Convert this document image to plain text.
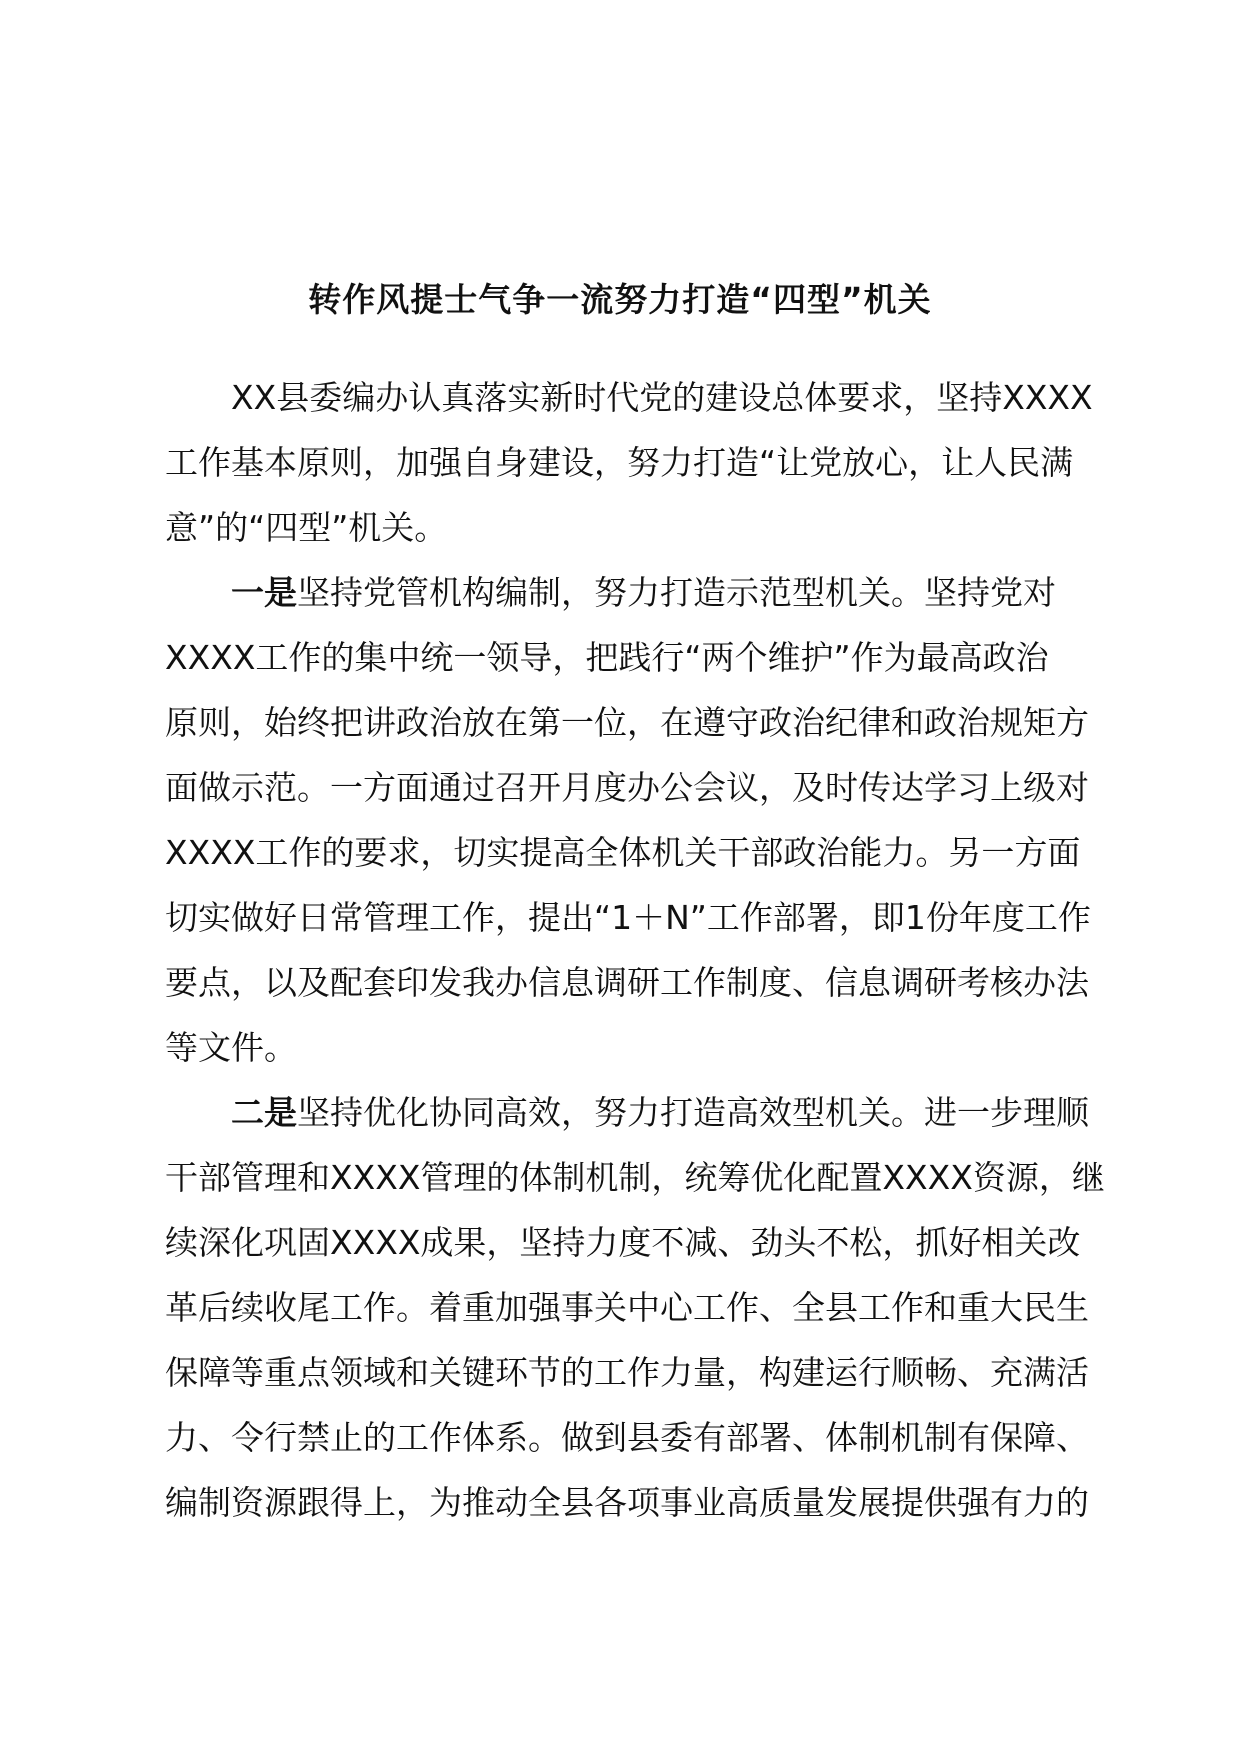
转作风提士气争一流努力打造“四型”机关
XX县委编办认真落实新时代党的建设总体要求，坚持XXXX
工作基本原则，加强自身建设，努力打造“让党放心，让人民满
意”的“四型”机关。
一是坚持党管机构编制，努力打造示范型机关。坚持党对
XXXX工作的集中统一领导，把践行“两个维护”作为最高政治
原则，始终把讲政治放在第一位，在遵守政治纪律和政治规矩方
面做示范。一方面通过召开月度办公会议，及时传达学习上级对
XXXX工作的要求，切实提高全体机关干部政治能力。另一方面
切实做好日常管理工作，提出“1＋N”工作部署，即1份年度工作
要点，以及配套印发我办信息调研工作制度、信息调研考核办法
等文件。
二是坚持优化协同高效，努力打造高效型机关。进一步理顺
干部管理和XXXX管理的体制机制，统筹优化配置XXXX资源，继
续深化巩固XXXX成果，坚持力度不减、劲头不松，抓好相关改
革后续收尾工作。着重加强事关中心工作、全县工作和重大民生
保障等重点领域和关键环节的工作力量，构建运行顺畅、充满活
力、令行禁止的工作体系。做到县委有部署、体制机制有保障、
编制资源跟得上，为推动全县各项事业高质量发展提供强有力的
